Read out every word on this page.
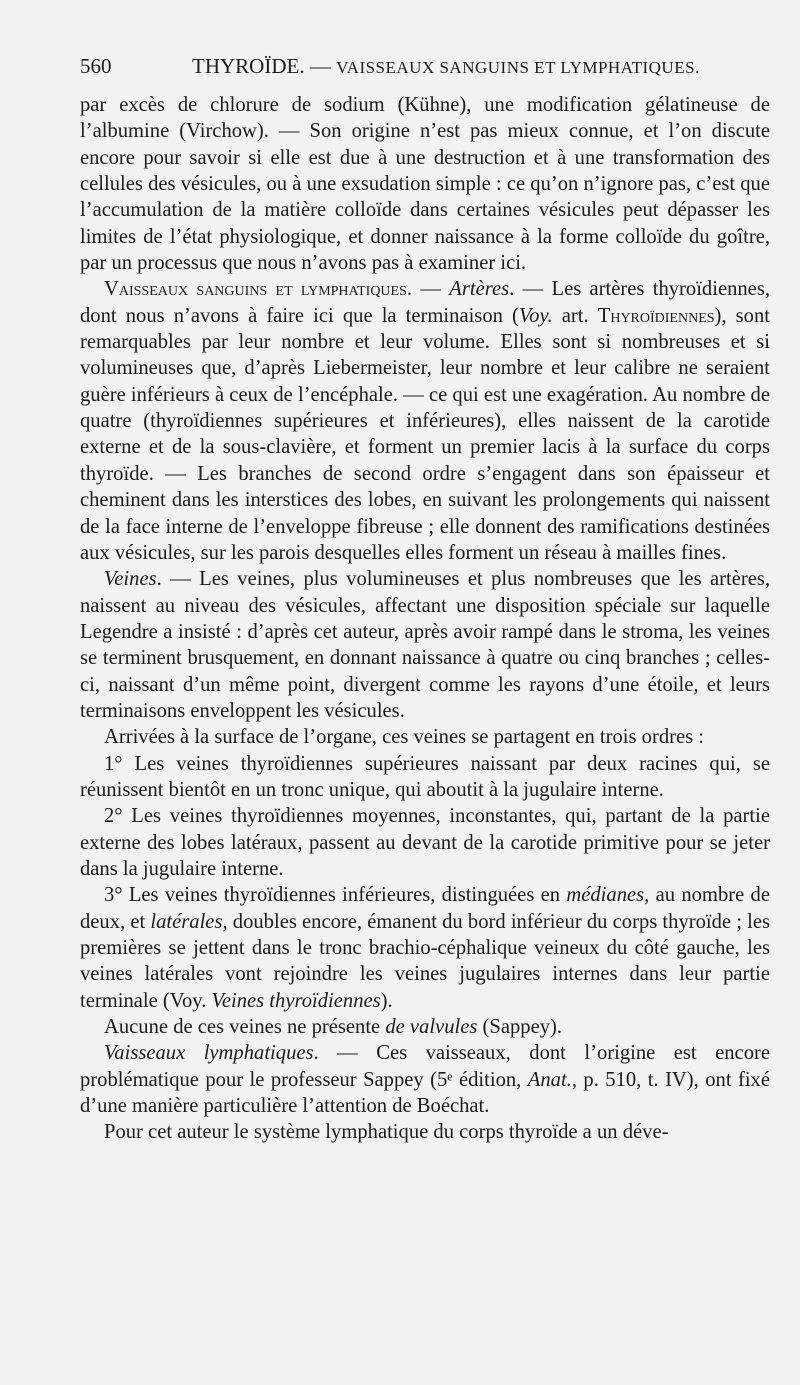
560	THYROÏDE. — VAISSEAUX SANGUINS ET LYMPHATIQUES.

par excès de chlorure de sodium (Kühne), une modification gélatineuse de l’albumine (Virchow). — Son origine n’est pas mieux connue, et l’on discute encore pour savoir si elle est due à une destruction et à une transformation des cellules des vésicules, ou à une exsudation simple : ce qu’on n’ignore pas, c’est que l’accumulation de la matière colloïde dans certaines vésicules peut dépasser les limites de l’état physiologique, et donner naissance à la forme colloïde du goître, par un processus que nous n’avons pas à examiner ici.

Vaisseaux sanguins et lymphatiques. — Artères. — Les artères thyroïdiennes, dont nous n’avons à faire ici que la terminaison (Voy. art. Thyroïdiennes), sont remarquables par leur nombre et leur volume. Elles sont si nombreuses et si volumineuses que, d’après Liebermeister, leur nombre et leur calibre ne seraient guère inférieurs à ceux de l’encéphale. — ce qui est une exagération. Au nombre de quatre (thyroïdiennes supérieures et inférieures), elles naissent de la carotide externe et de la sous-clavière, et forment un premier lacis à la surface du corps thyroïde. — Les branches de second ordre s’engagent dans son épaisseur et cheminent dans les interstices des lobes, en suivant les prolongements qui naissent de la face interne de l’enveloppe fibreuse ; elle donnent des ramifications destinées aux vésicules, sur les parois desquelles elles forment un réseau à mailles fines.

Veines. — Les veines, plus volumineuses et plus nombreuses que les artères, naissent au niveau des vésicules, affectant une disposition spéciale sur laquelle Legendre a insisté : d’après cet auteur, après avoir rampé dans le stroma, les veines se terminent brusquement, en donnant naissance à quatre ou cinq branches ; celles-ci, naissant d’un même point, divergent comme les rayons d’une étoile, et leurs terminaisons enveloppent les vésicules.

Arrivées à la surface de l’organe, ces veines se partagent en trois ordres :

1° Les veines thyroïdiennes supérieures naissant par deux racines qui, se réunissent bientôt en un tronc unique, qui aboutit à la jugulaire interne.

2° Les veines thyroïdiennes moyennes, inconstantes, qui, partant de la partie externe des lobes latéraux, passent au devant de la carotide primitive pour se jeter dans la jugulaire interne.

3° Les veines thyroïdiennes inférieures, distinguées en médianes, au nombre de deux, et latérales, doubles encore, émanent du bord inférieur du corps thyroïde ; les premières se jettent dans le tronc brachio-céphalique veineux du côté gauche, les veines latérales vont rejoindre les veines jugulaires internes dans leur partie terminale (Voy. Veines thyroïdiennes).

Aucune de ces veines ne présente de valvules (Sappey).

Vaisseaux lymphatiques. — Ces vaisseaux, dont l’origine est encore problématique pour le professeur Sappey (5ᵉ édition, Anat., p. 510, t. IV), ont fixé d’une manière particulière l’attention de Boéchat.

Pour cet auteur le système lymphatique du corps thyroïde a un déve-
